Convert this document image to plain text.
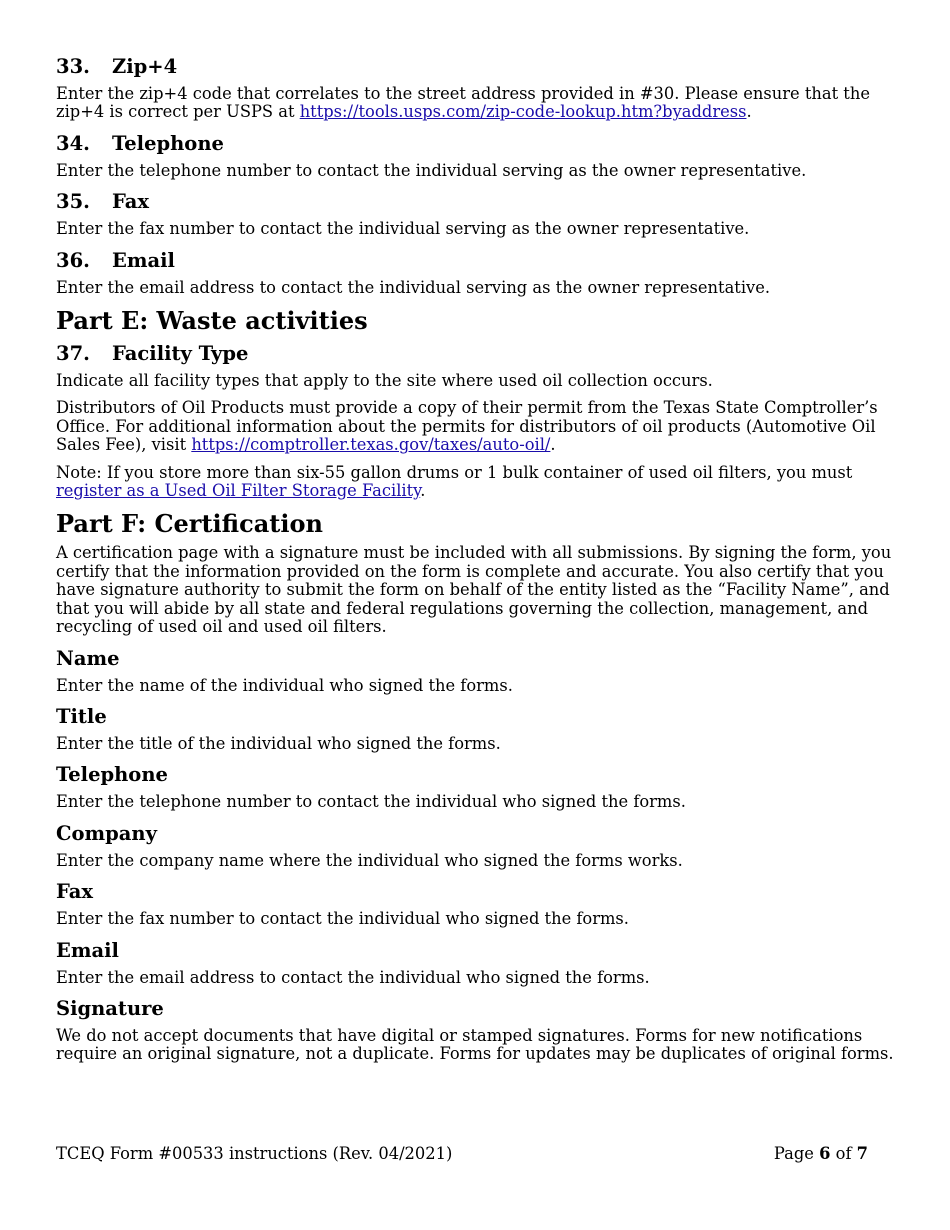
33. Zip+4

Enter the zip+4 code that correlates to the street address provided in #30. Please ensure that the zip+4 is correct per USPS at https://tools.usps.com/zip-code-lookup.htm?byaddress.

34. Telephone

Enter the telephone number to contact the individual serving as the owner representative.

35. Fax

Enter the fax number to contact the individual serving as the owner representative.

36. Email

Enter the email address to contact the individual serving as the owner representative.

Part E: Waste activities
37. Facility Type

Indicate all facility types that apply to the site where used oil collection occurs.

Distributors of Oil Products must provide a copy of their permit from the Texas State Comptroller’s Office. For additional information about the permits for distributors of oil products (Automotive Oil Sales Fee), visit https://comptroller.texas.gov/taxes/auto-oil/.

Note: If you store more than six-55 gallon drums or 1 bulk container of used oil filters, you must register as a Used Oil Filter Storage Facility.

Part F: Certification

A certification page with a signature must be included with all submissions. By signing the form, you certify that the information provided on the form is complete and accurate. You also certify that you have signature authority to submit the form on behalf of the entity listed as the “Facility Name”, and that you will abide by all state and federal regulations governing the collection, management, and recycling of used oil and used oil filters.

Name

Enter the name of the individual who signed the forms.

Title

Enter the title of the individual who signed the forms.

Telephone

Enter the telephone number to contact the individual who signed the forms.

Company

Enter the company name where the individual who signed the forms works.

Fax

Enter the fax number to contact the individual who signed the forms.

Email

Enter the email address to contact the individual who signed the forms.

Signature

We do not accept documents that have digital or stamped signatures. Forms for new notifications require an original signature, not a duplicate. Forms for updates may be duplicates of original forms.

TCEQ Form #00533 instructions (Rev. 04/2021)	Page 6 of 7
